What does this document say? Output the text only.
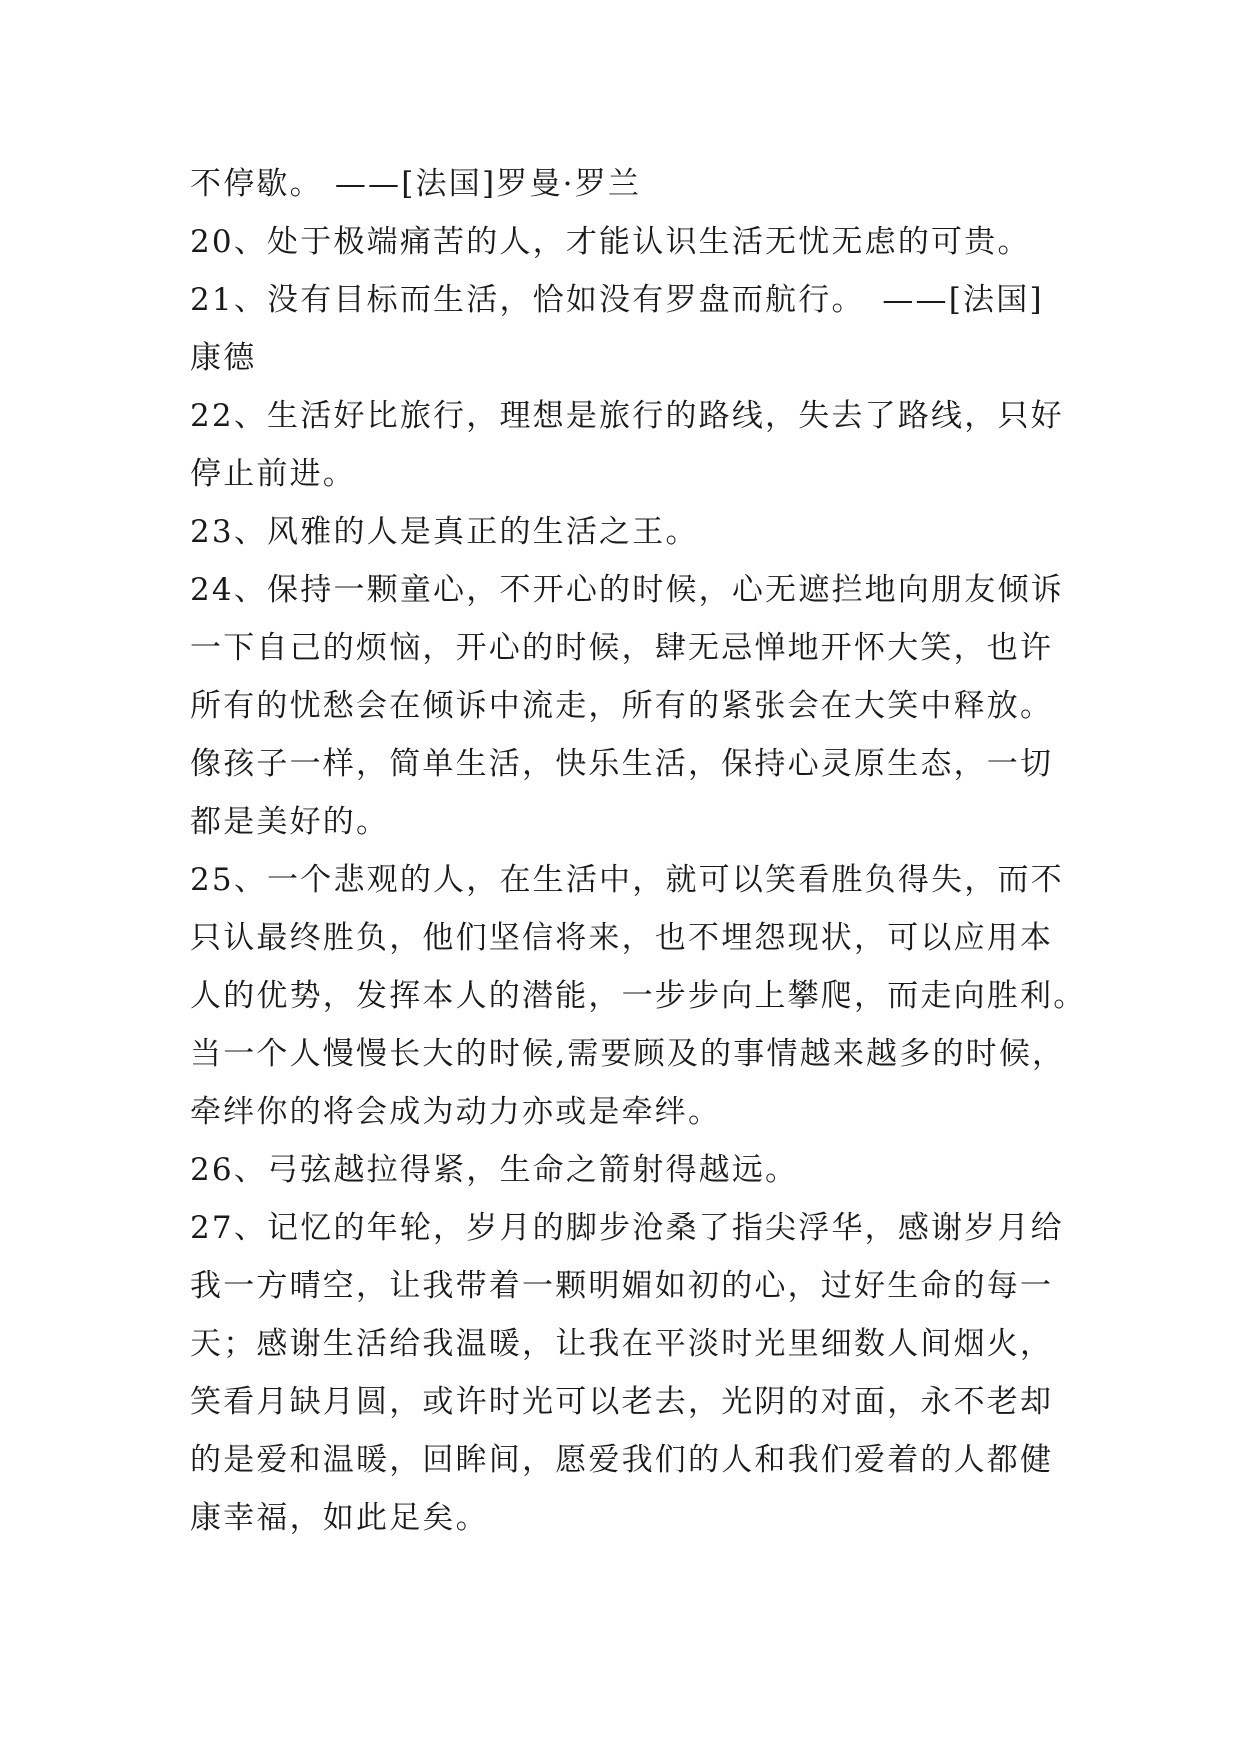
不停歇。 ——[法国]罗曼·罗兰
20、处于极端痛苦的人，才能认识生活无忧无虑的可贵。
21、没有目标而生活，恰如没有罗盘而航行。　——[法国]
康德
22、生活好比旅行，理想是旅行的路线，失去了路线，只好
停止前进。
23、风雅的人是真正的生活之王。
24、保持一颗童心，不开心的时候，心无遮拦地向朋友倾诉
一下自己的烦恼，开心的时候，肆无忌惮地开怀大笑，也许
所有的忧愁会在倾诉中流走，所有的紧张会在大笑中释放。
像孩子一样，简单生活，快乐生活，保持心灵原生态，一切
都是美好的。
25、一个悲观的人，在生活中，就可以笑看胜负得失，而不
只认最终胜负，他们坚信将来，也不埋怨现状，可以应用本
人的优势，发挥本人的潜能，一步步向上攀爬，而走向胜利。
当一个人慢慢长大的时候,需要顾及的事情越来越多的时候，
牵绊你的将会成为动力亦或是牵绊。
26、弓弦越拉得紧，生命之箭射得越远。
27、记忆的年轮，岁月的脚步沧桑了指尖浮华，感谢岁月给
我一方晴空，让我带着一颗明媚如初的心，过好生命的每一
天；感谢生活给我温暖，让我在平淡时光里细数人间烟火，
笑看月缺月圆，或许时光可以老去，光阴的对面，永不老却
的是爱和温暖，回眸间，愿爱我们的人和我们爱着的人都健
康幸福，如此足矣。
